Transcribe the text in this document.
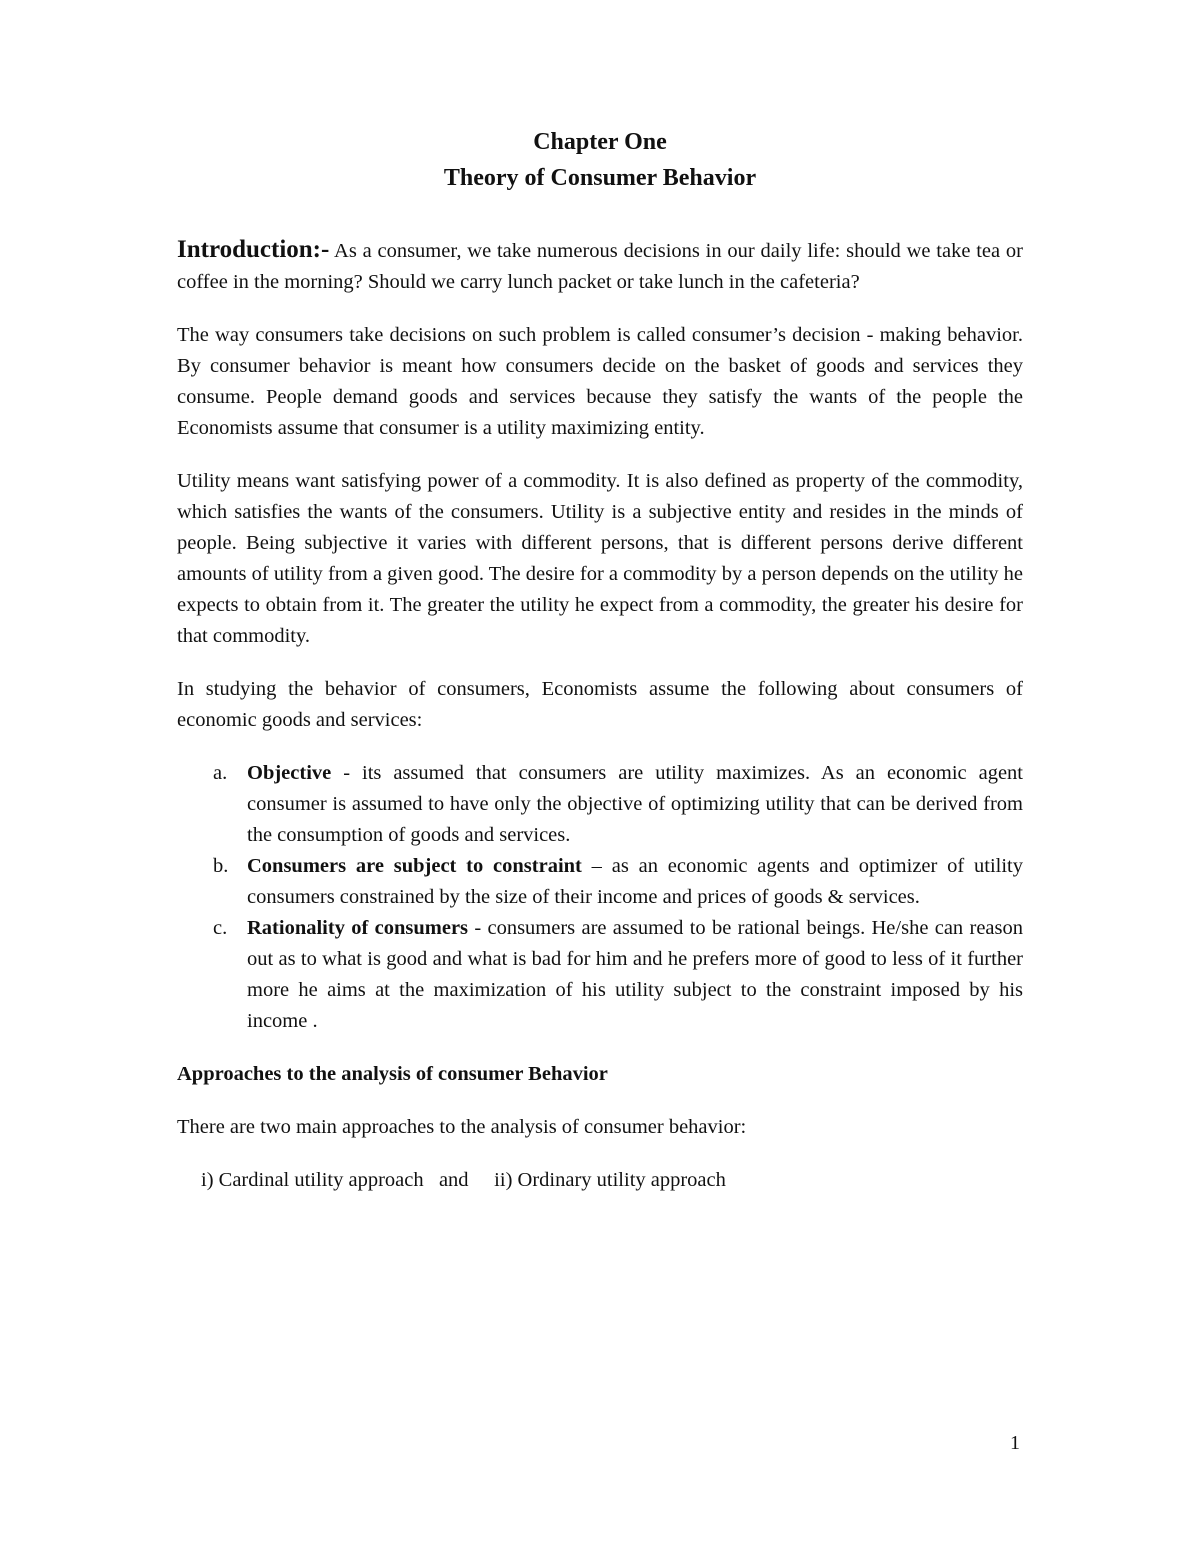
Chapter One
Theory of Consumer Behavior

Introduction:- As a consumer, we take numerous decisions in our daily life: should we take tea or coffee in the morning? Should we carry lunch packet or take lunch in the cafeteria?

The way consumers take decisions on such problem is called consumer’s decision - making behavior. By consumer behavior is meant how consumers decide on the basket of goods and services they consume. People demand goods and services because they satisfy the wants of the people the Economists assume that consumer is a utility maximizing entity.

Utility means want satisfying power of a commodity. It is also defined as property of the commodity, which satisfies the wants of the consumers. Utility is a subjective entity and resides in the minds of people. Being subjective it varies with different persons, that is different persons derive different amounts of utility from a given good. The desire for a commodity by a person depends on the utility he expects to obtain from it. The greater the utility he expect from a commodity, the greater his desire for that commodity.

In studying the behavior of consumers, Economists assume the following about consumers of economic goods and services:

a. Objective - its assumed that consumers are utility maximizes. As an economic agent consumer is assumed to have only the objective of optimizing utility that can be derived from the consumption of goods and services.
b. Consumers are subject to constraint – as an economic agents and optimizer of utility consumers constrained by the size of their income and prices of goods & services.
c. Rationality of consumers - consumers are assumed to be rational beings. He/she can reason out as to what is good and what is bad for him and he prefers more of good to less of it further more he aims at the maximization of his utility subject to the constraint imposed by his income .

Approaches to the analysis of consumer Behavior

There are two main approaches to the analysis of consumer behavior:

i) Cardinal utility approach   and     ii) Ordinary utility approach

1
